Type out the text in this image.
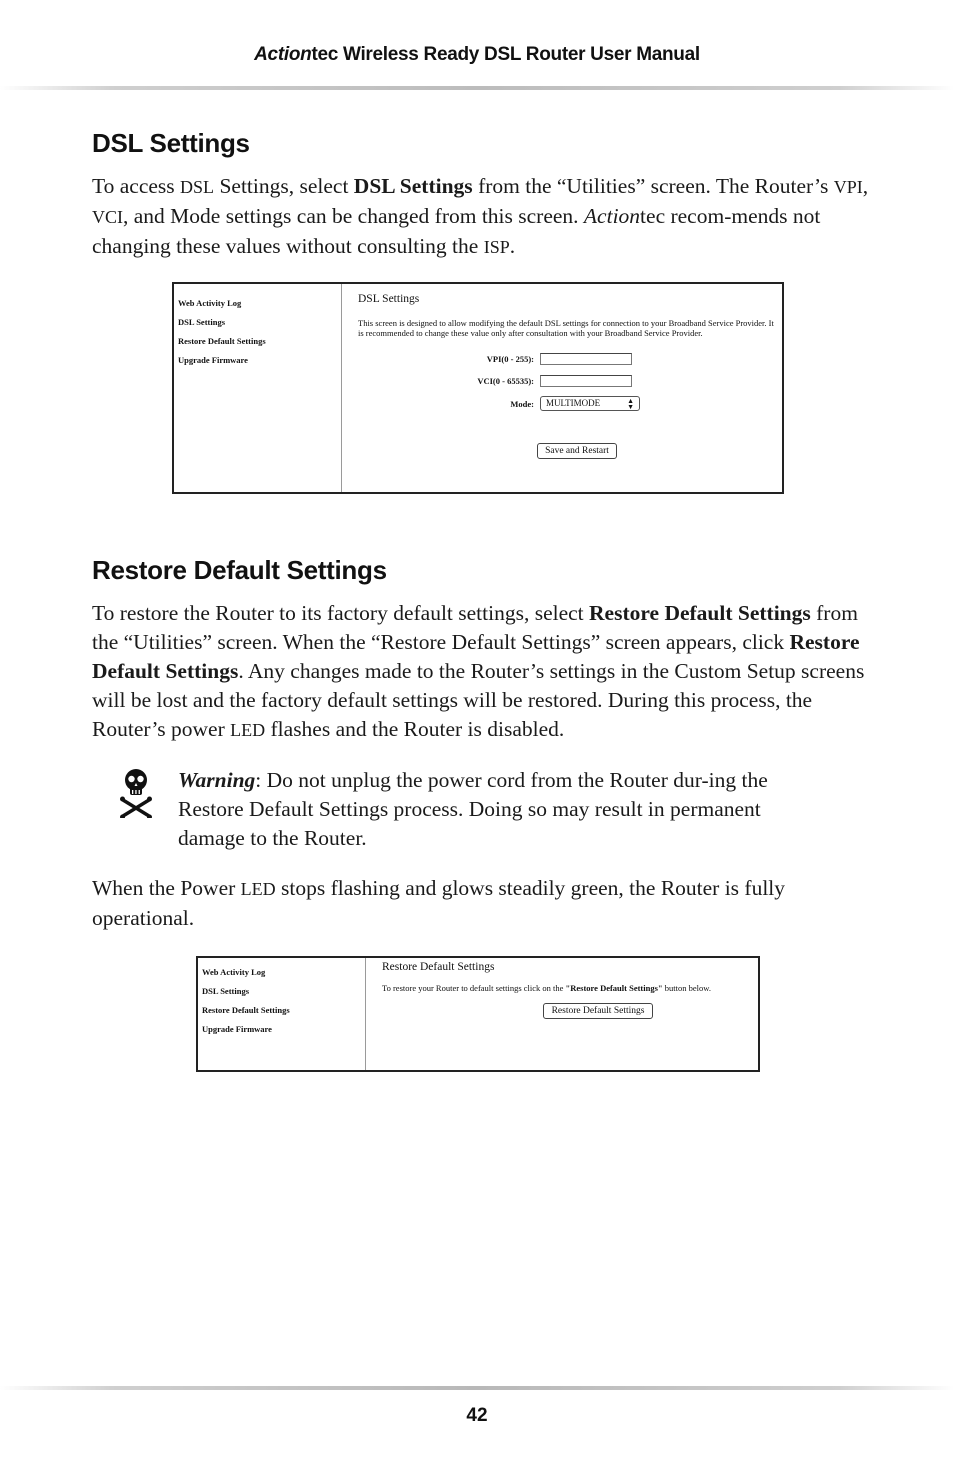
Actiontec Wireless Ready DSL Router User Manual
DSL Settings

To access DSL Settings, select DSL Settings from the “Utilities” screen. The Router’s VPI, VCI, and Mode settings can be changed from this screen. Actiontec recom-mends not changing these values without consulting the ISP.

Web Activity Log
DSL Settings
Restore Default Settings
Upgrade Firmware
DSL Settings
This screen is designed to allow modifying the default DSL settings for connection to your Broadband Service Provider. It is recommended to change these value only after consultation with your Broadband Service Provider.
VPI(0 - 255):
VCI(0 - 65535):
Mode:	MULTIMODE	▲
▼
Save and Restart
Restore Default Settings

To restore the Router to its factory default settings, select Restore Default Settings from the “Utilities” screen. When the “Restore Default Settings” screen appears, click Restore Default Settings. Any changes made to the Router’s settings in the Custom Setup screens will be lost and the factory default settings will be restored. During this process, the Router’s power LED flashes and the Router is disabled.

Warning: Do not unplug the power cord from the Router dur-ing the Restore Default Settings process. Doing so may result in permanent damage to the Router.

When the Power LED stops flashing and glows steadily green, the Router is fully operational.

Web Activity Log
DSL Settings
Restore Default Settings
Upgrade Firmware
Restore Default Settings
To restore your Router to default settings click on the "Restore Default Settings" button below.
Restore Default Settings
42
